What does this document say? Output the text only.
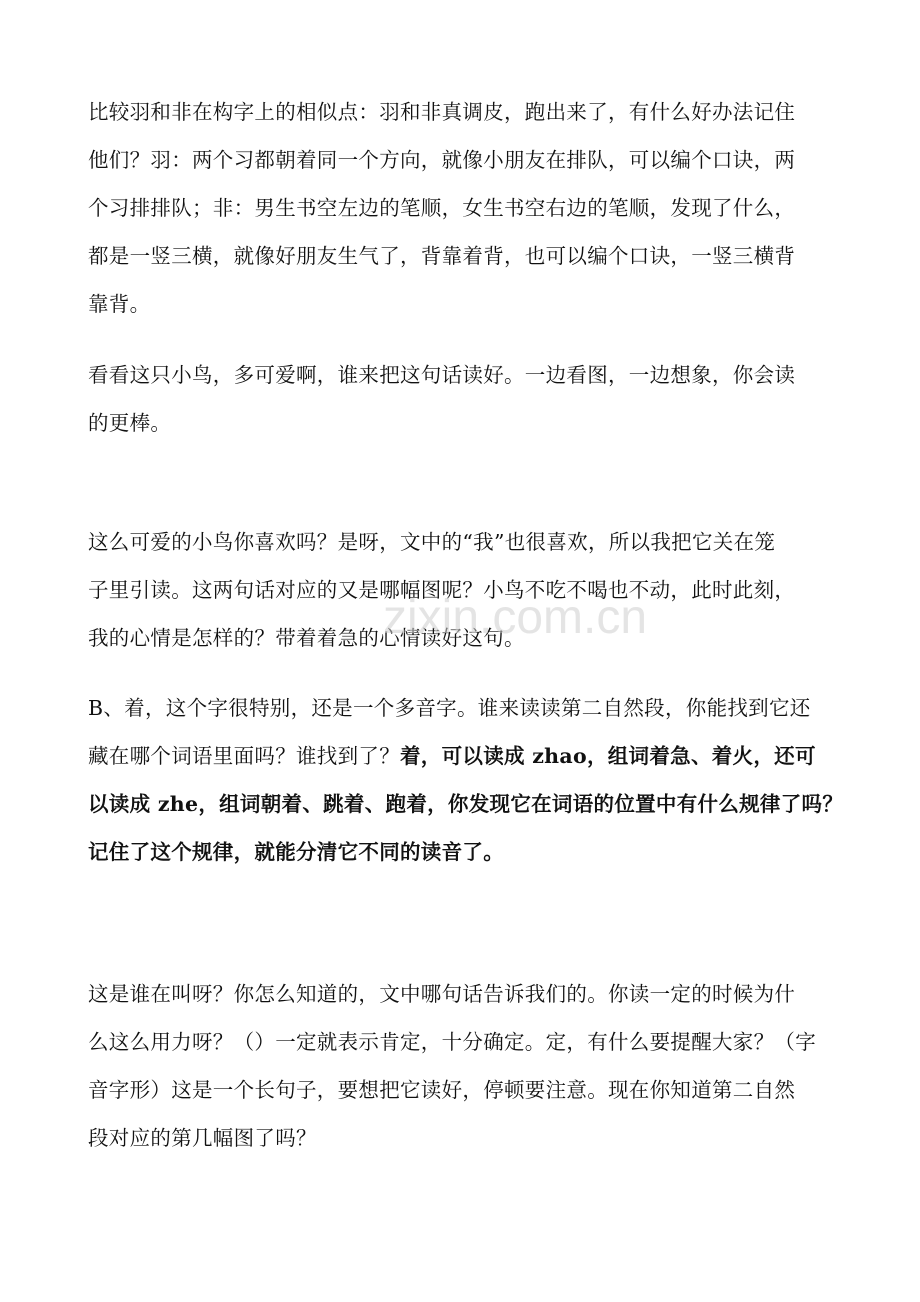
比较羽和非在构字上的相似点：羽和非真调皮，跑出来了，有什么好办法记住
他们？羽：两个习都朝着同一个方向，就像小朋友在排队，可以编个口诀，两
个习排排队；非：男生书空左边的笔顺，女生书空右边的笔顺，发现了什么，
都是一竖三横，就像好朋友生气了，背靠着背，也可以编个口诀，一竖三横背
靠背。

看看这只小鸟，多可爱啊，谁来把这句话读好。一边看图，一边想象，你会读
的更棒。

这么可爱的小鸟你喜欢吗？是呀，文中的“我”也很喜欢，所以我把它关在笼
子里引读。这两句话对应的又是哪幅图呢？小鸟不吃不喝也不动，此时此刻，
我的心情是怎样的？带着着急的心情读好这句。

B、着，这个字很特别，还是一个多音字。谁来读读第二自然段，你能找到它还
藏在哪个词语里面吗？谁找到了？着，可以读成 zhao，组词着急、着火，还可
以读成 zhe，组词朝着、跳着、跑着，你发现它在词语的位置中有什么规律了吗？
记住了这个规律，就能分清它不同的读音了。

这是谁在叫呀？你怎么知道的，文中哪句话告诉我们的。你读一定的时候为什
么这么用力呀？（）一定就表示肯定，十分确定。定，有什么要提醒大家？（字
音字形）这是一个长句子，要想把它读好，停顿要注意。现在你知道第二自然
段对应的第几幅图了吗？

zixin.com.cn
